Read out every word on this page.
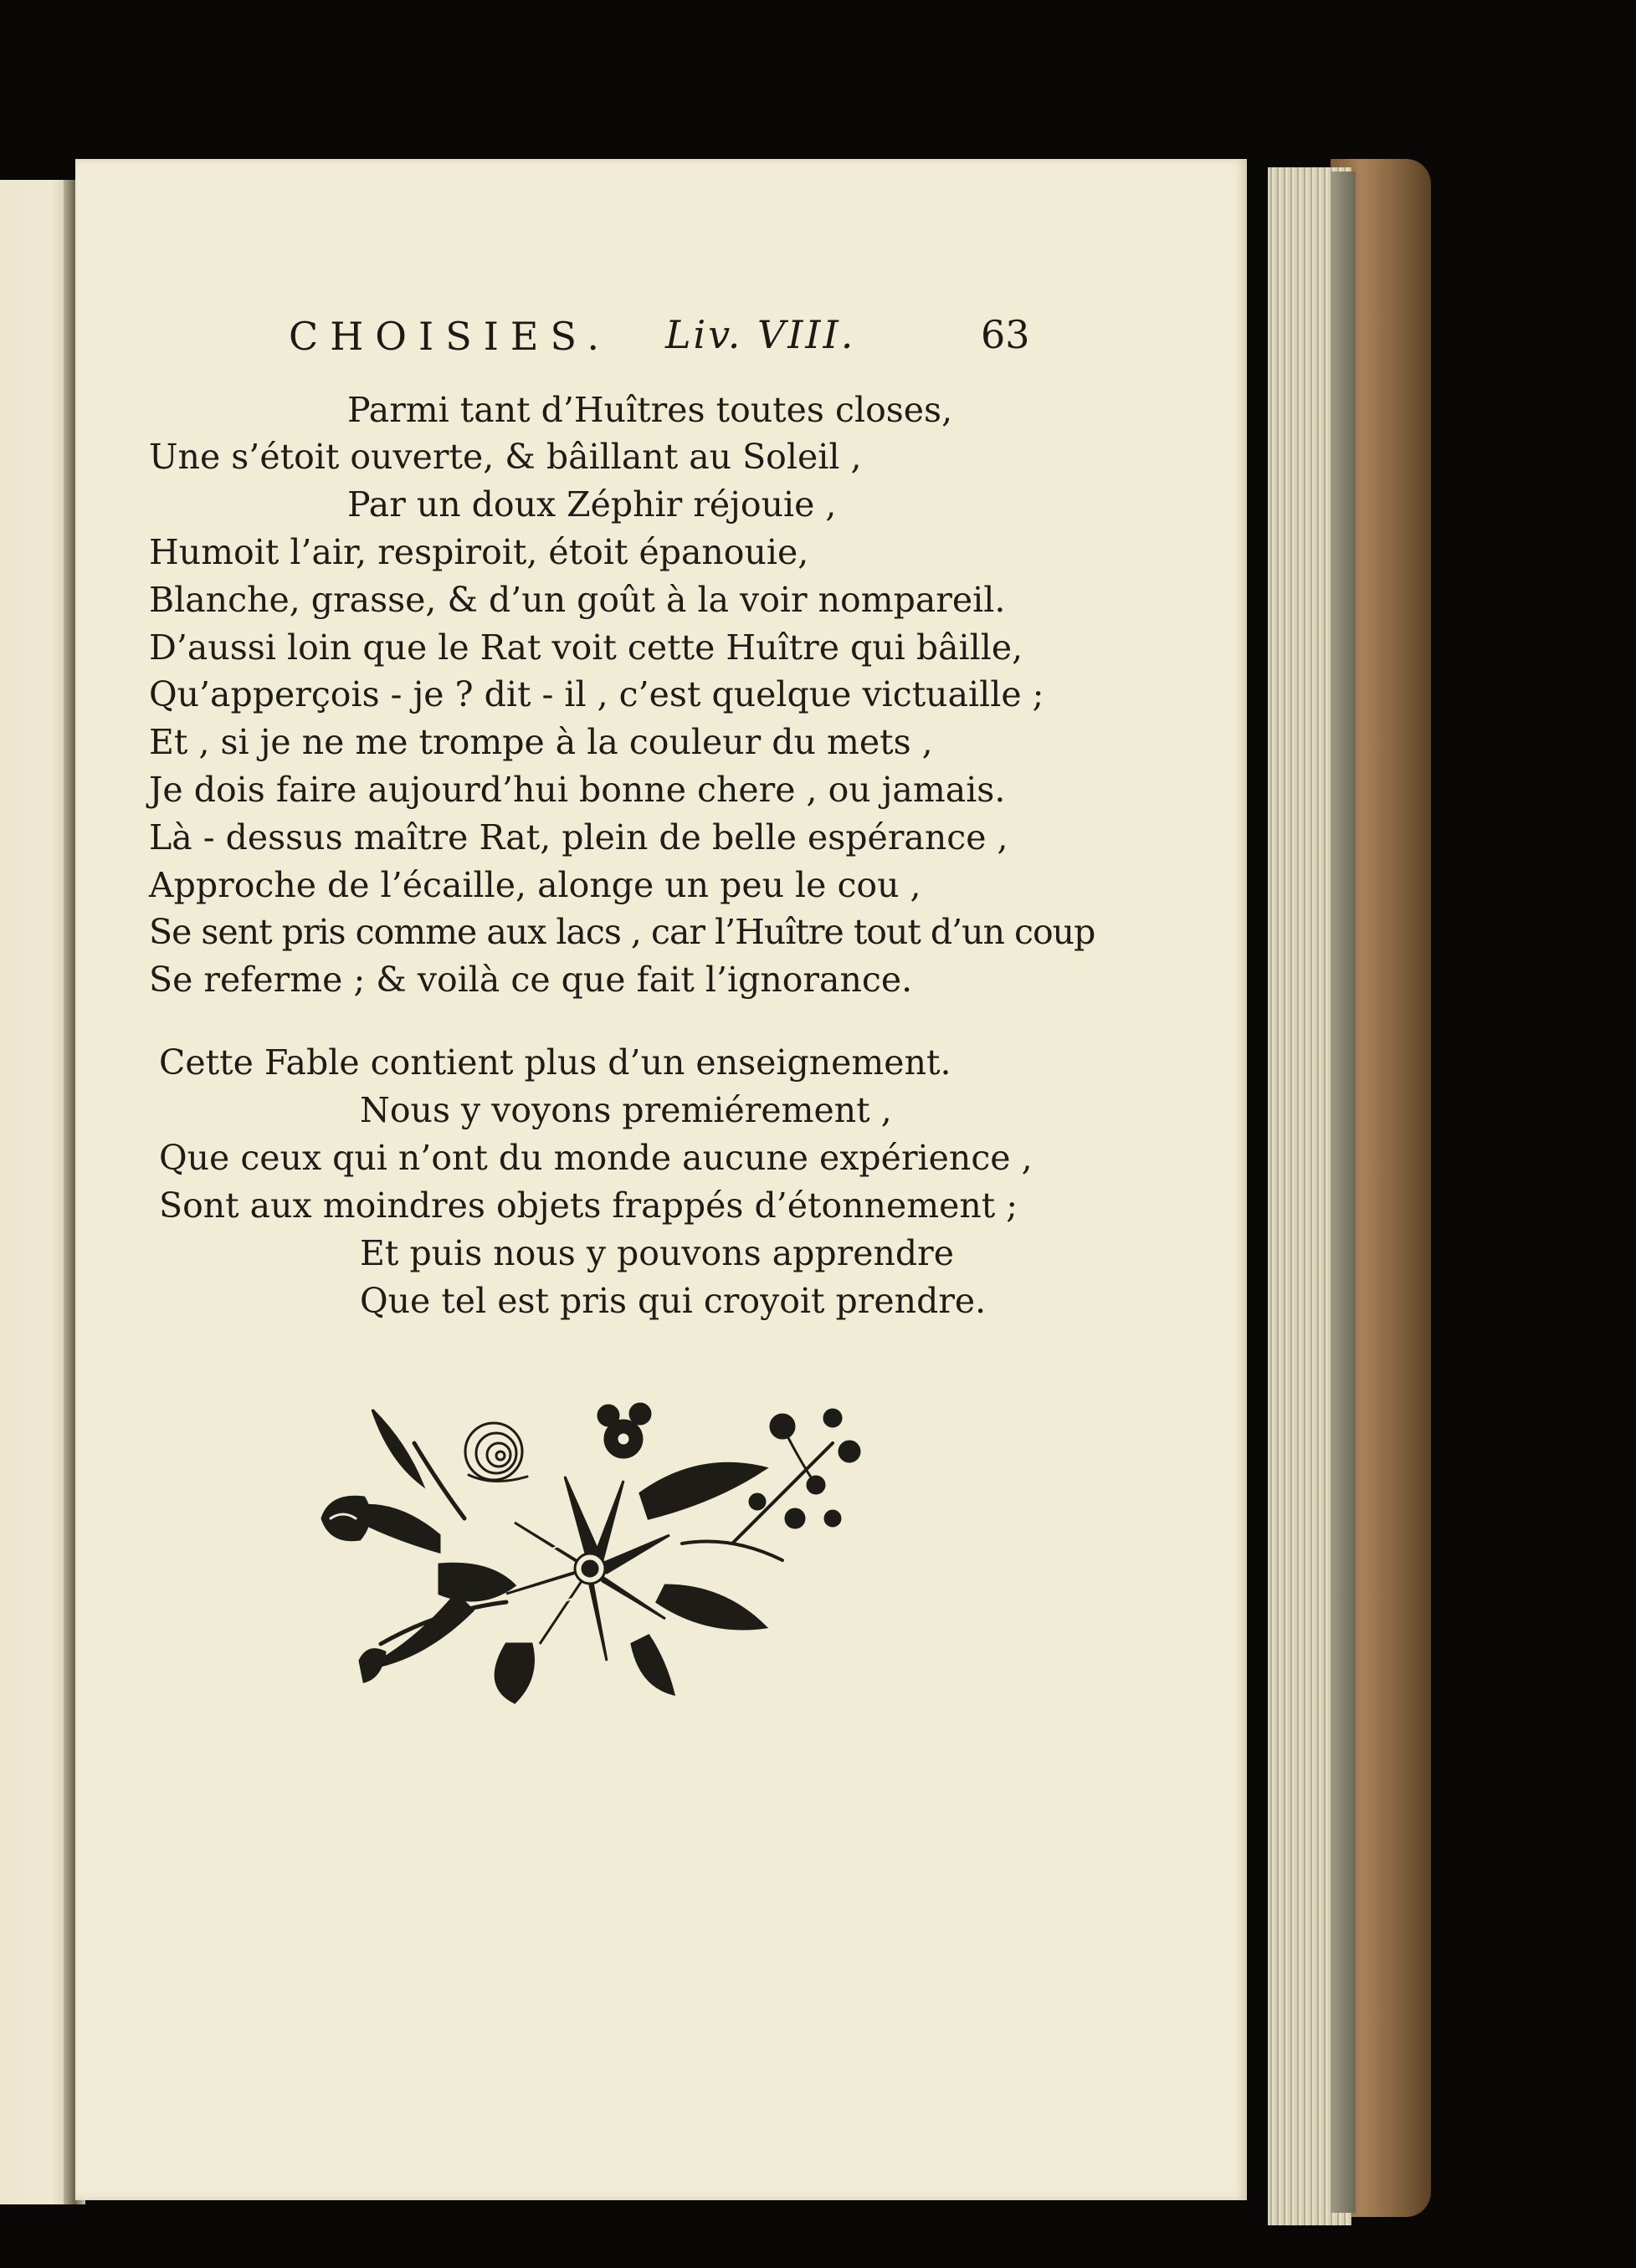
CHOISIES. Liv. VIII.	63
Parmi tant d’Huîtres toutes closes,
Une s’étoit ouverte, & bâillant au Soleil ,
Par un doux Zéphir réjouie ,
Humoit l’air, respiroit, étoit épanouie,
Blanche, grasse, & d’un goût à la voir nompareil.
D’aussi loin que le Rat voit cette Huître qui bâille,
Qu’apperçois - je ? dit - il , c’est quelque victuaille ;
Et , si je ne me trompe à la couleur du mets ,
Je dois faire aujourd’hui bonne chere , ou jamais.
Là - dessus maître Rat, plein de belle espérance ,
Approche de l’écaille, alonge un peu le cou ,
Se sent pris comme aux lacs , car l’Huître tout d’un coup
Se referme ; & voilà ce que fait l’ignorance.
Cette Fable contient plus d’un enseignement.
Nous y voyons premiérement ,
Que ceux qui n’ont du monde aucune expérience ,
Sont aux moindres objets frappés d’étonnement ;
Et puis nous y pouvons apprendre
Que tel est pris qui croyoit prendre.
